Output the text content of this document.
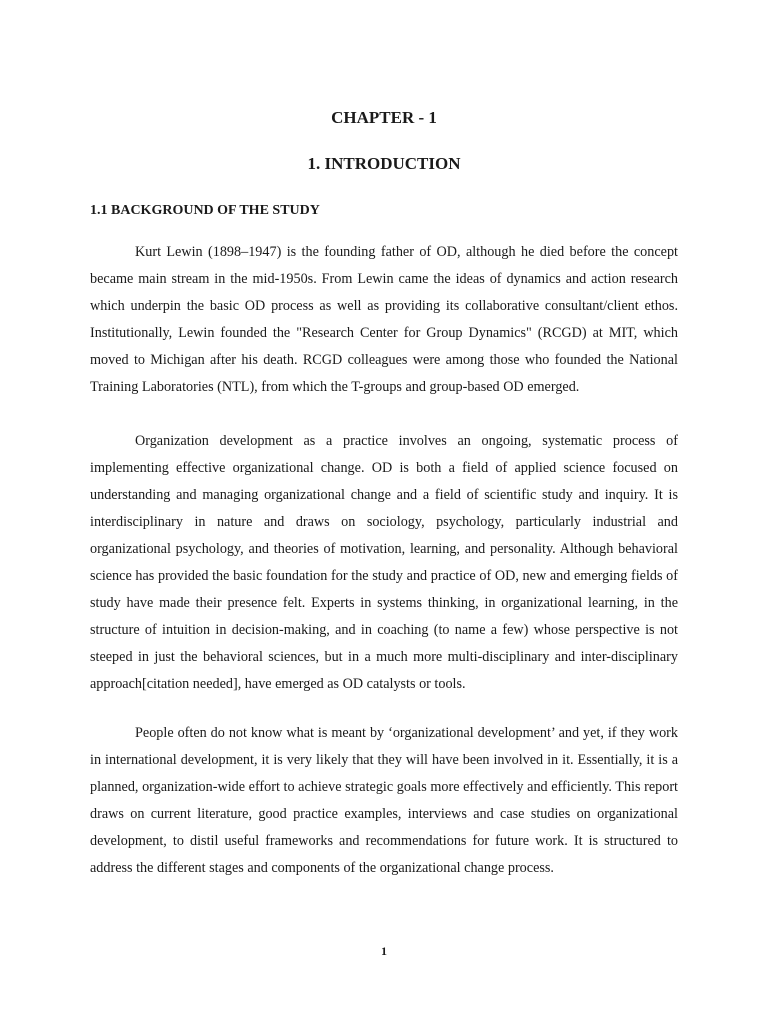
CHAPTER - 1
1. INTRODUCTION
1.1 BACKGROUND OF THE STUDY

Kurt Lewin (1898–1947) is the founding father of OD, although he died before the concept became main stream in the mid-1950s. From Lewin came the ideas of dynamics and action research which underpin the basic OD process as well as providing its collaborative consultant/client ethos. Institutionally, Lewin founded the "Research Center for Group Dynamics" (RCGD) at MIT, which moved to Michigan after his death. RCGD colleagues were among those who founded the National Training Laboratories (NTL), from which the T-groups and group-based OD emerged.

Organization development as a practice involves an ongoing, systematic process of implementing effective organizational change. OD is both a field of applied science focused on understanding and managing organizational change and a field of scientific study and inquiry. It is interdisciplinary in nature and draws on sociology, psychology, particularly industrial and organizational psychology, and theories of motivation, learning, and personality. Although behavioral science has provided the basic foundation for the study and practice of OD, new and emerging fields of study have made their presence felt. Experts in systems thinking, in organizational learning, in the structure of intuition in decision-making, and in coaching (to name a few) whose perspective is not steeped in just the behavioral sciences, but in a much more multi-disciplinary and inter-disciplinary approach[citation needed], have emerged as OD catalysts or tools.

People often do not know what is meant by ‘organizational development’ and yet, if they work in international development, it is very likely that they will have been involved in it. Essentially, it is a planned, organization-wide effort to achieve strategic goals more effectively and efficiently. This report draws on current literature, good practice examples, interviews and case studies on organizational development, to distil useful frameworks and recommendations for future work. It is structured to address the different stages and components of the organizational change process.

1
